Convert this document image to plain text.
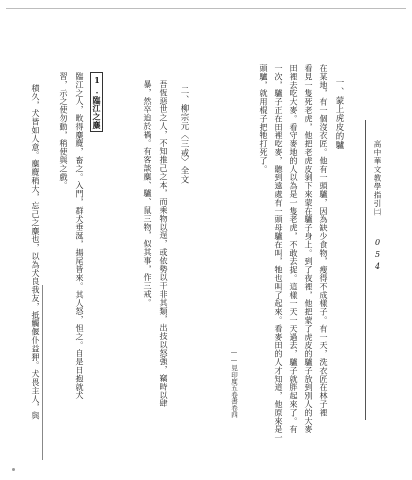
高中華文教學指引㈡
054
一、蒙上虎皮的驢
在某地，有一個沒衣匠。他有一頭驢，因為缺少食物，瘦得不成樣子。有一天，洗衣匠在林子裡
看見一隻死老虎，他把老虎皮剝下來蒙在驢子身上。到了夜裡，他把蒙了虎皮的驢子放到別人的大麥
田裡去吃大麥。看守麥地的人以為是一隻老虎，不敢去捉。這樣一天一天過去，驢子就胖起來了。有
一次，驢子正在田裡吃麥，聽到遠處有一頭母驢在叫，牠也叫了起來。看麥田的人才知道，他原來是一
頭驢，就用棍子把牠打死了。
——見印度五卷書卷四
二、柳宗元〈三戒〉全文
吾恆惡世之人，不知推己之本，而乘物以逞，或依勢以干非其類，出技以怒強，竊時以肆
暴，然卒迨於禍。有客談麋、驢、鼠三物，似其事，作三戒。
1.臨江之麋
臨江之人，畋得麋麑，畜之。入門，群犬垂涎，揚尾皆來。其人怒，怛之。自是日抱就犬
習，示之使勿動，稍使與之戲。
積久，犬皆如人意。麋麑稍大，忘己之麋也，以為犬良我友，抵觸偃仆益狎。犬畏主人，與
